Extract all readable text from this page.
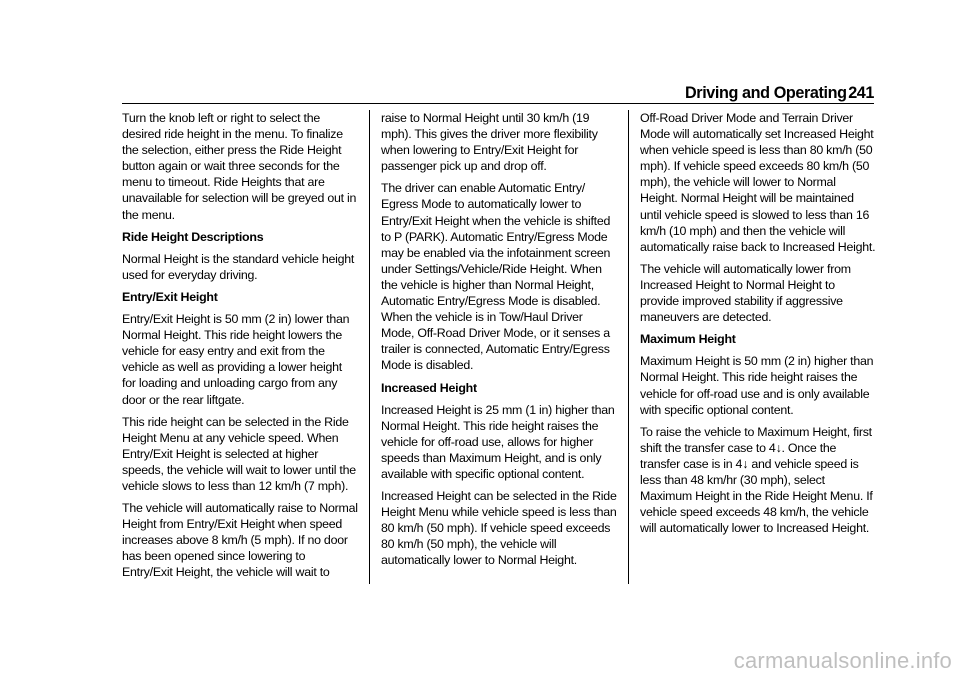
Driving and Operating 241

Turn the knob left or right to select the desired ride height in the menu. To finalize the selection, either press the Ride Height button again or wait three seconds for the menu to timeout. Ride Heights that are unavailable for selection will be greyed out in the menu.

Ride Height Descriptions

Normal Height is the standard vehicle height used for everyday driving.

Entry/Exit Height

Entry/Exit Height is 50 mm (2 in) lower than Normal Height. This ride height lowers the vehicle for easy entry and exit from the vehicle as well as providing a lower height for loading and unloading cargo from any door or the rear liftgate.

This ride height can be selected in the Ride Height Menu at any vehicle speed. When Entry/Exit Height is selected at higher speeds, the vehicle will wait to lower until the vehicle slows to less than 12 km/h (7 mph).

The vehicle will automatically raise to Normal Height from Entry/Exit Height when speed increases above 8 km/h (5 mph). If no door has been opened since lowering to Entry/Exit Height, the vehicle will wait to

raise to Normal Height until 30 km/h (19 mph). This gives the driver more flexibility when lowering to Entry/Exit Height for passenger pick up and drop off.

The driver can enable Automatic Entry/ Egress Mode to automatically lower to Entry/Exit Height when the vehicle is shifted to P (PARK). Automatic Entry/Egress Mode may be enabled via the infotainment screen under Settings/Vehicle/Ride Height. When the vehicle is higher than Normal Height, Automatic Entry/Egress Mode is disabled. When the vehicle is in Tow/Haul Driver Mode, Off-Road Driver Mode, or it senses a trailer is connected, Automatic Entry/Egress Mode is disabled.

Increased Height

Increased Height is 25 mm (1 in) higher than Normal Height. This ride height raises the vehicle for off-road use, allows for higher speeds than Maximum Height, and is only available with specific optional content.

Increased Height can be selected in the Ride Height Menu while vehicle speed is less than 80 km/h (50 mph). If vehicle speed exceeds 80 km/h (50 mph), the vehicle will automatically lower to Normal Height.

Off-Road Driver Mode and Terrain Driver Mode will automatically set Increased Height when vehicle speed is less than 80 km/h (50 mph). If vehicle speed exceeds 80 km/h (50 mph), the vehicle will lower to Normal Height. Normal Height will be maintained until vehicle speed is slowed to less than 16 km/h (10 mph) and then the vehicle will automatically raise back to Increased Height.

The vehicle will automatically lower from Increased Height to Normal Height to provide improved stability if aggressive maneuvers are detected.

Maximum Height

Maximum Height is 50 mm (2 in) higher than Normal Height. This ride height raises the vehicle for off-road use and is only available with specific optional content.

To raise the vehicle to Maximum Height, first shift the transfer case to 4↓. Once the transfer case is in 4↓ and vehicle speed is less than 48 km/hr (30 mph), select Maximum Height in the Ride Height Menu. If vehicle speed exceeds 48 km/h, the vehicle will automatically lower to Increased Height.

carmanualsonline.info
